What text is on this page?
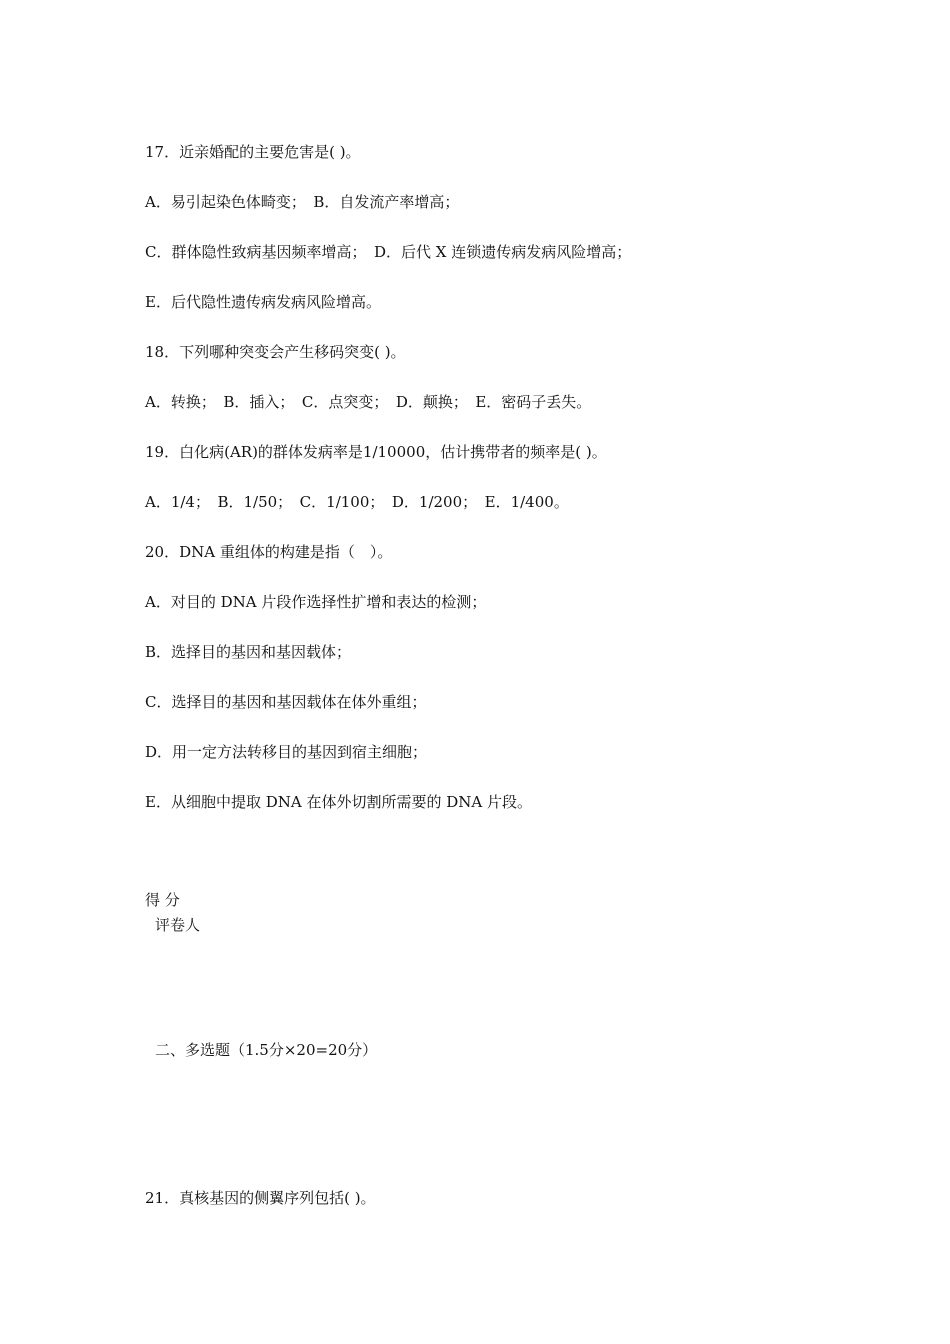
17．近亲婚配的主要危害是( )。
A．易引起染色体畸变；　B．自发流产率增高；
C．群体隐性致病基因频率增高；　D．后代 X 连锁遗传病发病风险增高；
E．后代隐性遗传病发病风险增高。
18．下列哪种突变会产生移码突变( )。
A．转换；　B．插入；　C．点突变；　D．颠换；　E．密码子丢失。
19．白化病(AR)的群体发病率是1/10000，估计携带者的频率是( )。
A．1/4；　B．1/50；　C．1/100；　D．1/200；　E．1/400。
20．DNA 重组体的构建是指（　）。
A．对目的 DNA 片段作选择性扩增和表达的检测；
B．选择目的基因和基因载体；
C．选择目的基因和基因载体在体外重组；
D．用一定方法转移目的基因到宿主细胞；
E．从细胞中提取 DNA 在体外切割所需要的 DNA 片段。
得 分
评卷人
二、多选题（1.5分×20=20分）
21．真核基因的侧翼序列包括( )。
